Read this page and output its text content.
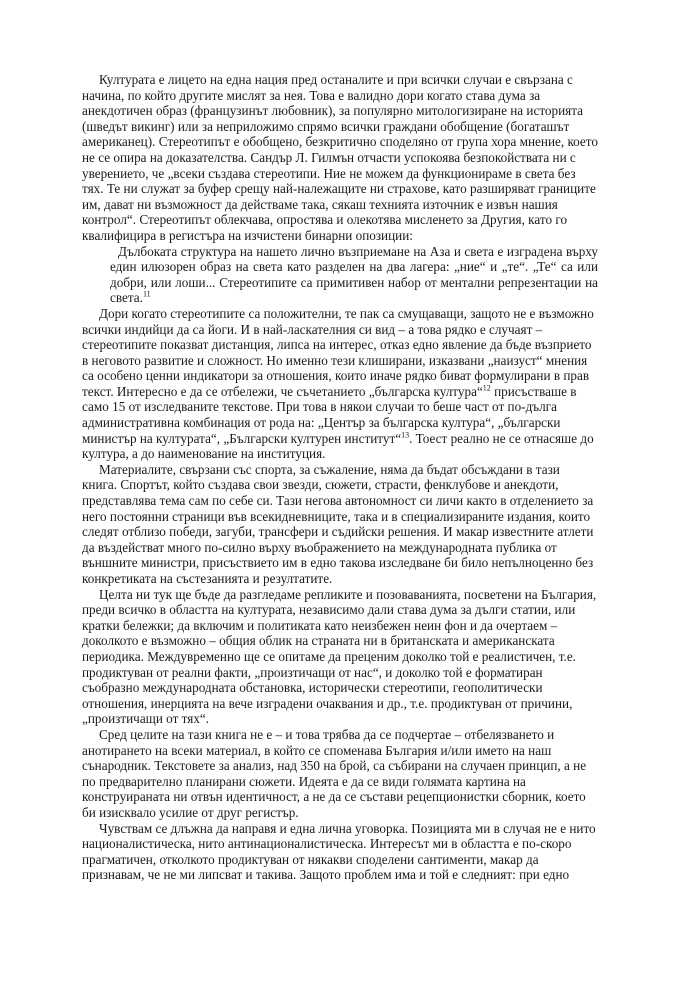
Културата е лицето на една нация пред останалите и при всички случаи е свързана с начина, по който другите мислят за нея. Това е валидно дори когато става дума за анекдотичен образ (французинът любовник), за популярно митологизиране на историята (шведът викинг) или за неприложимо спрямо всички граждани обобщение (богаташът американец). Стереотипът е обобщено, безкритично споделяно от група хора мнение, което не се опира на доказателства. Сандър Л. Гилмън отчасти успокоява безпокойствата ни с уверението, че „всеки създава стереотипи. Ние не можем да функционираме в света без тях. Те ни служат за буфер срещу най-належащите ни страхове, като разширяват границите им, дават ни възможност да действаме така, сякаш технията източник е извън нашия контрол“. Стереотипът облекчава, опростява и олекотява мисленето за Другия, като го квалифицира в регистъра на изчистени бинарни опозиции:

Дълбоката структура на нашето лично възприемане на Аза и света е изградена върху един илюзорен образ на света като разделен на два лагера: „ние“ и „те“. „Те“ са или добри, или лоши... Стереотипите са примитивен набор от ментални репрезентации на света.$^{11}$

Дори когато стереотипите са положителни, те пак са смущаващи, защото не е възможно всички индийци да са йоги. И в най-ласкателния си вид – а това рядко е случаят – стереотипите показват дистанция, липса на интерес, отказ едно явление да бъде възприето в неговото развитие и сложност. Но именно тези клиширани, изказвани „наизуст“ мнения са особено ценни индикатори за отношения, които иначе рядко биват формулирани в прав текст. Интересно е да се отбележи, че съчетанието „българска култура“$^{12}$ присъстваше в само 15 от изследваните текстове. При това в някои случаи то беше част от по-дълга административна комбинация от рода на: „Център за българска култура“, „български министър на културата“, „Български културен институт“$^{13}$. Тоест реално не се отнасяше до култура, а до наименование на институция.

Материалите, свързани със спорта, за съжаление, няма да бъдат обсъждани в тази книга. Спортът, който създава свои звезди, сюжети, страсти, фенклубове и анекдоти, представлява тема сам по себе си. Тази негова автономност си личи както в отделението за него постоянни страници във всекидневниците, така и в специализираните издания, които следят отблизо победи, загуби, трансфери и съдийски решения. И макар известните атлети да въздействат много по-силно върху въображението на международната публика от външните министри, присъствието им в едно такова изследване би било непълноценно без конкретиката на състезанията и резултатите.

Целта ни тук ще бъде да разгледаме репликите и позоваванията, посветени на България, преди всичко в областта на културата, независимо дали става дума за дълги статии, или кратки бележки; да включим и политиката като неизбежен неин фон и да очертаем – доколкото е възможно – общия облик на страната ни в британската и американската периодика. Междувременно ще се опитаме да преценим доколко той е реалистичен, т.е. продиктуван от реални факти, „произтичащи от нас“, и доколко той е форматиран съобразно международната обстановка, исторически стереотипи, геополитически отношения, инерцията на вече изградени очаквания и др., т.е. продиктуван от причини, „произтичащи от тях“.

Сред целите на тази книга не е – и това трябва да се подчертае – отбелязването и анотирането на всеки материал, в който се споменава България и/или името на наш сънародник. Текстовете за анализ, над 350 на брой, са събирани на случаен принцип, а не по предварително планирани сюжети. Идеята е да се види голямата картина на конструираната ни отвън идентичност, а не да се състави рецепционистки сборник, което би изисквало усилие от друг регистър.

Чувствам се длъжна да направя и една лична уговорка. Позицията ми в случая не е нито националистическа, нито антинационалистическа. Интересът ми в областта е по-скоро прагматичен, отколкото продиктуван от някакви споделени сантименти, макар да признавам, че не ми липсват и такива. Защото проблем има и той е следният: при едно
